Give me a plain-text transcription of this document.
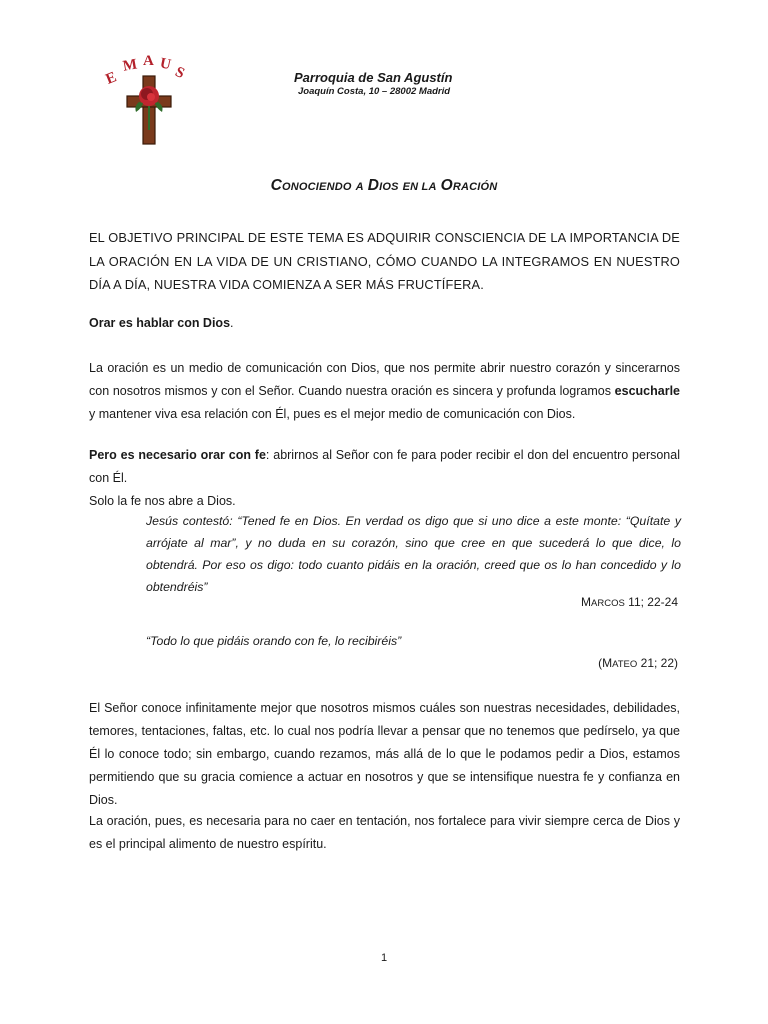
E
M A U S	Parroquia de San Agustín
Joaquín Costa, 10 – 28002 Madrid
CONOCIENDO A DIOS EN LA ORACIÓN
EL OBJETIVO PRINCIPAL DE ESTE TEMA ES ADQUIRIR CONSCIENCIA DE LA IMPORTANCIA DE LA ORACIÓN EN LA VIDA DE UN CRISTIANO, CÓMO CUANDO LA INTEGRAMOS EN NUESTRO DÍA A DÍA, NUESTRA VIDA COMIENZA A SER MÁS FRUCTÍFERA.
Orar es hablar con Dios.
La oración es un medio de comunicación con Dios, que nos permite abrir nuestro corazón y sincerarnos con nosotros mismos y con el Señor. Cuando nuestra oración es sincera y profunda logramos escucharle y mantener viva esa relación con Él, pues es el mejor medio de comunicación con Dios.
Pero es necesario orar con fe: abrirnos al Señor con fe para poder recibir el don del encuentro personal con Él.
Solo la fe nos abre a Dios.
Jesús contestó: “Tened fe en Dios. En verdad os digo que si uno dice a este monte: “Quítate y arrójate al mar”, y no duda en su corazón, sino que cree en que sucederá lo que dice, lo obtendrá. Por eso os digo: todo cuanto pidáis en la oración, creed que os lo han concedido y lo obtendréis”
MARCOS 11; 22-24
“Todo lo que pidáis orando con fe, lo recibiréis”
(MATEO 21; 22)
El Señor conoce infinitamente mejor que nosotros mismos cuáles son nuestras necesidades, debilidades, temores, tentaciones, faltas, etc. lo cual nos podría llevar a pensar que no tenemos que pedírselo, ya que Él lo conoce todo; sin embargo, cuando rezamos, más allá de lo que le podamos pedir a Dios, estamos permitiendo que su gracia comience a actuar en nosotros y que se intensifique nuestra fe y confianza en Dios.
La oración, pues, es necesaria para no caer en tentación, nos fortalece para vivir siempre cerca de Dios y es el principal alimento de nuestro espíritu.
1
